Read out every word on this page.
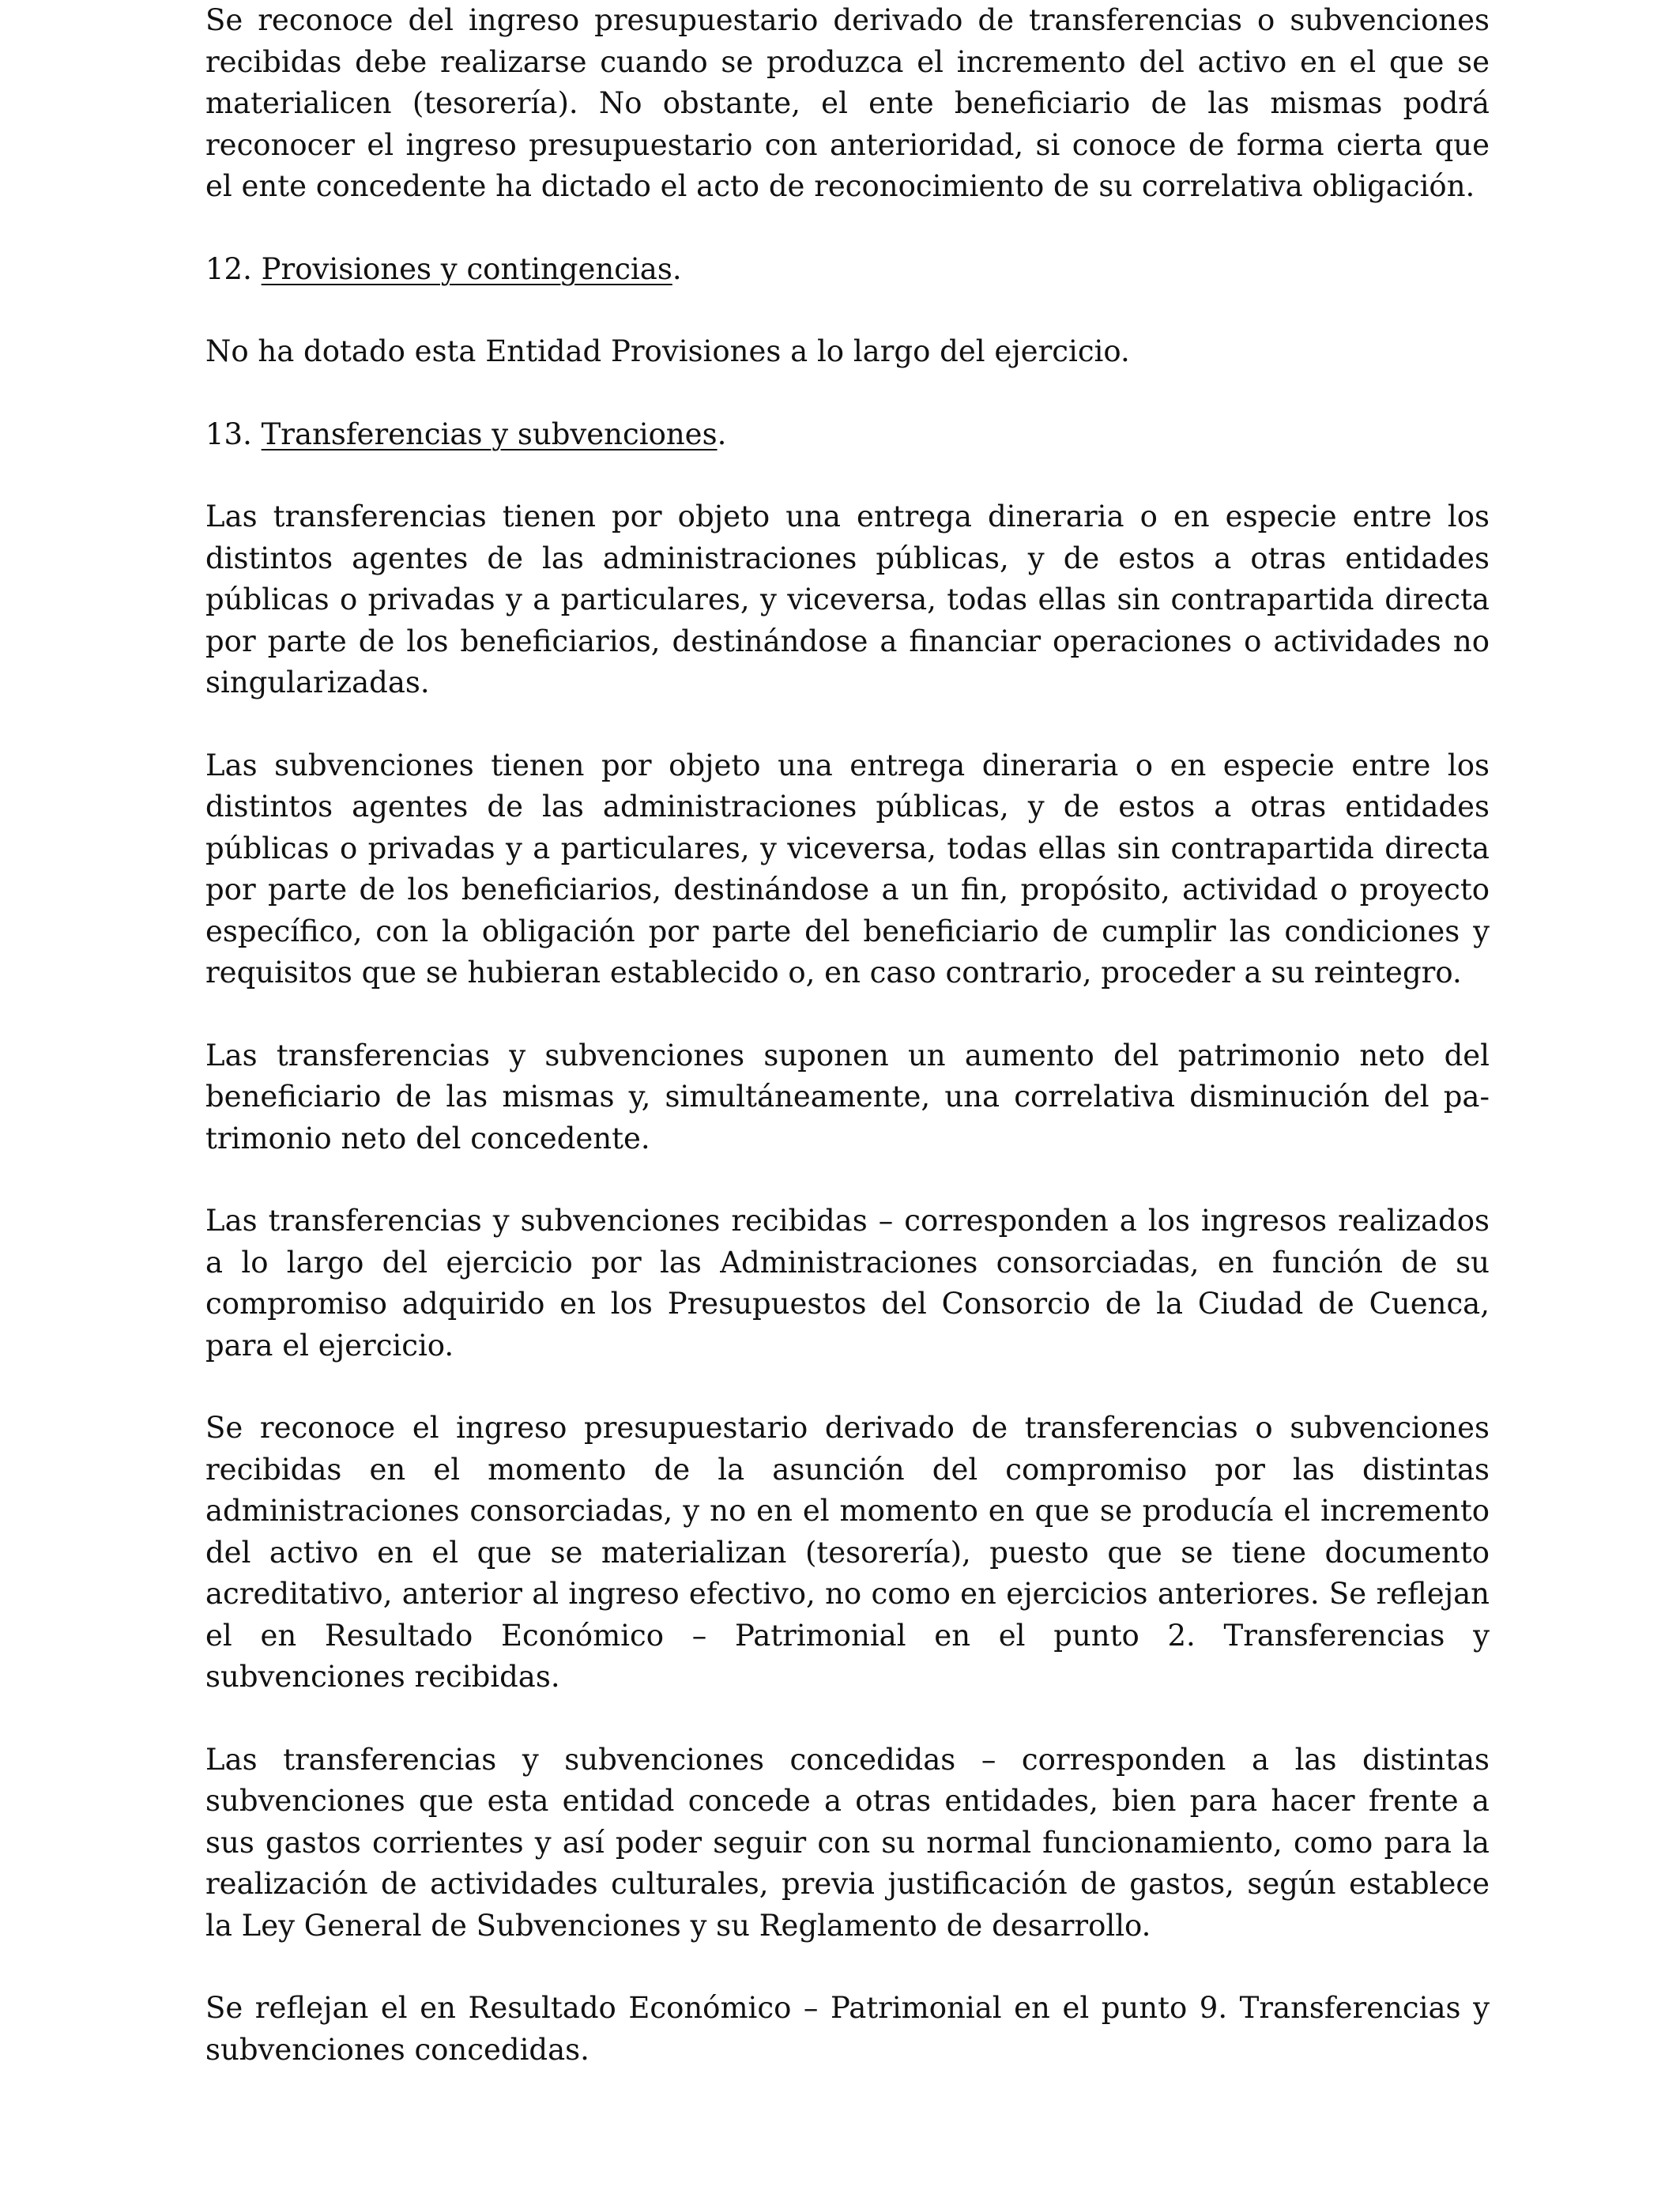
Se reconoce del ingreso presupuestario derivado de transferencias o subvenciones recibidas debe realizarse cuando se produzca el incremento del activo en el que se materialicen (tesorería). No obstante, el ente beneficiario de las mismas podrá reconocer el ingreso presupuestario con anterioridad, si conoce de forma cierta que el ente concedente ha dictado el acto de reconocimiento de su correlativa obligación.

12. Provisiones y contingencias.

No ha dotado esta Entidad Provisiones a lo largo del ejercicio.

13. Transferencias y subvenciones.

Las transferencias tienen por objeto una entrega dineraria o en especie entre los distintos agentes de las administraciones públicas, y de estos a otras entidades públicas o privadas y a particulares, y viceversa, todas ellas sin contrapartida directa por parte de los beneficiarios, destinándose a financiar operaciones o actividades no singularizadas.

Las subvenciones tienen por objeto una entrega dineraria o en especie entre los distintos agentes de las administraciones públicas, y de estos a otras entidades públicas o privadas y a particulares, y viceversa, todas ellas sin contrapartida directa por parte de los beneficiarios, destinándose a un fin, propósito, actividad o proyecto específico, con la obligación por parte del beneficiario de cumplir las condiciones y requisitos que se hubieran establecido o, en caso contrario, proceder a su reintegro.

Las transferencias y subvenciones suponen un aumento del patrimonio neto del beneficiario de las mismas y, simultáneamente, una correlativa disminución del patrimonio neto del concedente.

Las transferencias y subvenciones recibidas – corresponden a los ingresos realizados a lo largo del ejercicio por las Administraciones consorciadas, en función de su compromiso adquirido en los Presupuestos del Consorcio de la Ciudad de Cuenca, para el ejercicio.

Se reconoce el ingreso presupuestario derivado de transferencias o subvenciones recibidas en el momento de la asunción del compromiso por las distintas administraciones consorciadas, y no en el momento en que se producía el incremento del activo en el que se materializan (tesorería), puesto que se tiene documento acreditativo, anterior al ingreso efectivo, no como en ejercicios anteriores. Se reflejan el en Resultado Económico – Patrimonial en el punto 2. Transferencias y subvenciones recibidas.

Las transferencias y subvenciones concedidas – corresponden a las distintas subvenciones que esta entidad concede a otras entidades, bien para hacer frente a sus gastos corrientes y así poder seguir con su normal funcionamiento, como para la realización de actividades culturales, previa justificación de gastos, según establece la Ley General de Subvenciones y su Reglamento de desarrollo.

Se reflejan el en Resultado Económico – Patrimonial en el punto 9. Transferencias y subvenciones concedidas.
